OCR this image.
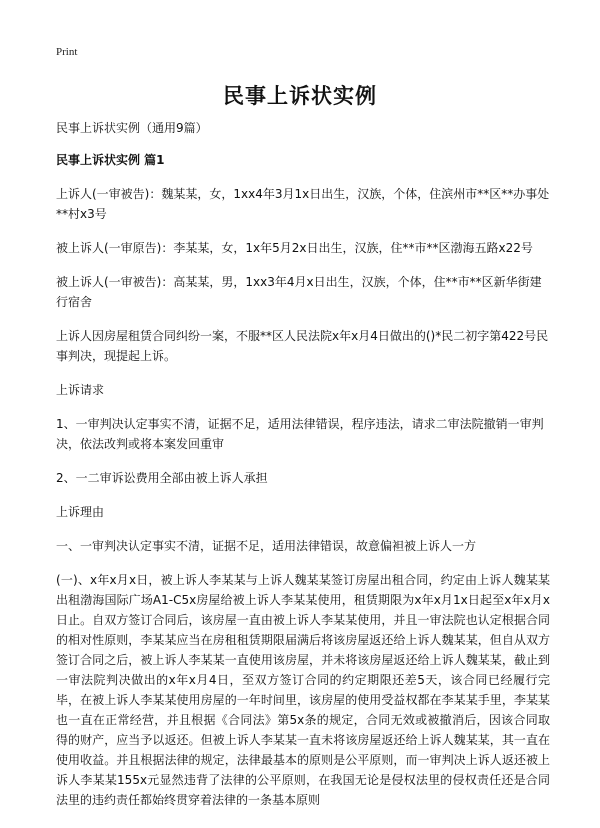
Print
民事上诉状实例

民事上诉状实例（通用9篇）

民事上诉状实例 篇1

上诉人(一审被告)：魏某某，女，1xx4年3月1x日出生，汉族，个体，住滨州市**区**办事处**村x3号

被上诉人(一审原告)：李某某，女，1x年5月2x日出生，汉族，住**市**区渤海五路x22号

被上诉人(一审被告)：高某某，男，1xx3年4月x日出生，汉族，个体，住**市**区新华街建行宿舍

上诉人因房屋租赁合同纠纷一案，不服**区人民法院x年x月4日做出的()*民二初字第422号民事判决，现提起上诉。

上诉请求

1、一审判决认定事实不清，证据不足，适用法律错误，程序违法，请求二审法院撤销一审判决，依法改判或将本案发回重审

2、一二审诉讼费用全部由被上诉人承担

上诉理由

一、一审判决认定事实不清，证据不足，适用法律错误，故意偏袒被上诉人一方

(一)、x年x月x日，被上诉人李某某与上诉人魏某某签订房屋出租合同，约定由上诉人魏某某出租渤海国际广场A1-C5x房屋给被上诉人李某某使用，租赁期限为x年x月1x日起至x年x月x日止。自双方签订合同后，该房屋一直由被上诉人李某某使用，并且一审法院也认定根据合同的相对性原则，李某某应当在房租租赁期限届满后将该房屋返还给上诉人魏某某，但自从双方签订合同之后，被上诉人李某某一直使用该房屋，并未将该房屋返还给上诉人魏某某，截止到一审法院判决做出的x年x月4日，至双方签订合同的约定期限还差5天，该合同已经履行完毕，在被上诉人李某某使用房屋的一年时间里，该房屋的使用受益权都在李某某手里，李某某也一直在正常经营，并且根据《合同法》第5x条的规定，合同无效或被撤消后，因该合同取得的财产，应当予以返还。但被上诉人李某某一直未将该房屋返还给上诉人魏某某，其一直在使用收益。并且根据法律的规定，法律最基本的原则是公平原则，而一审判决上诉人返还被上诉人李某某155x元显然违背了法律的公平原则，在我国无论是侵权法里的侵权责任还是合同法里的违约责任都始终贯穿着法律的一条基本原则
